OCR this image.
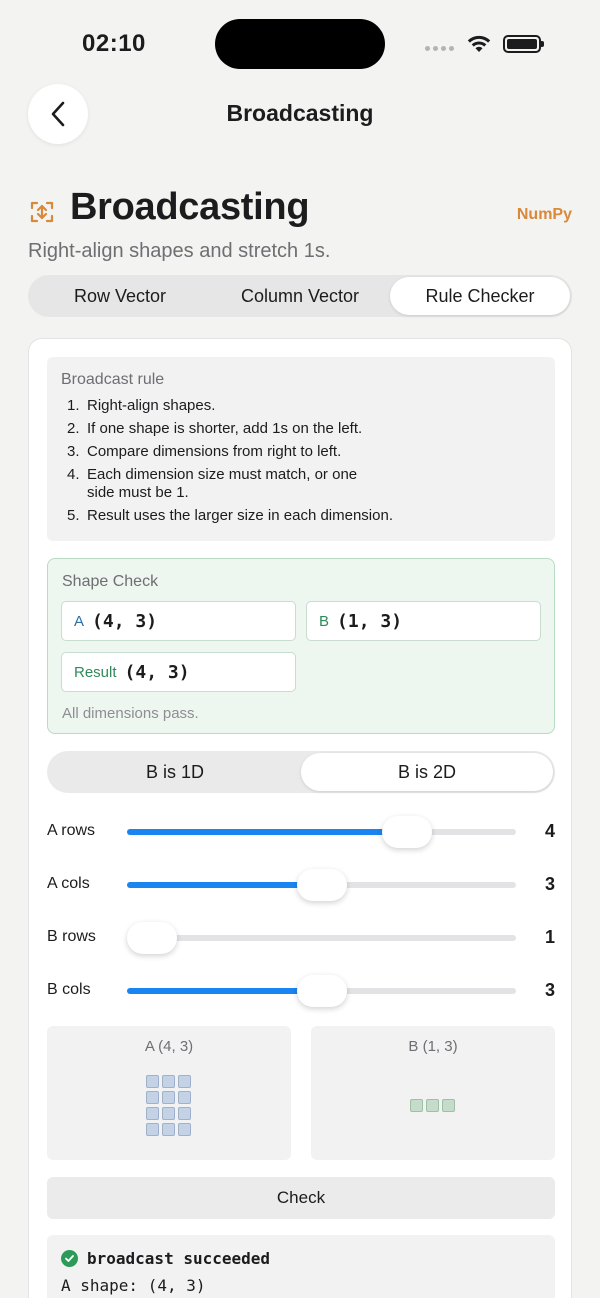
02:10
Broadcasting
Broadcasting	NumPy
Right-align shapes and stretch 1s.
Row Vector	Column Vector	Rule Checker
Broadcast rule
1. Right-align shapes.
2. If one shape is shorter, add 1s on the left.
3. Compare dimensions from right to left.
4. Each dimension size must match, or one side must be 1.
5. Result uses the larger size in each dimension.
Shape Check
A (4, 3)	B (1, 3)
Result (4, 3)
All dimensions pass.
B is 1D	B is 2D
A rows	4
A cols	3
B rows	1
B cols	3
A (4, 3)	B (1, 3)
Check
broadcast succeeded
A shape: (4, 3)
